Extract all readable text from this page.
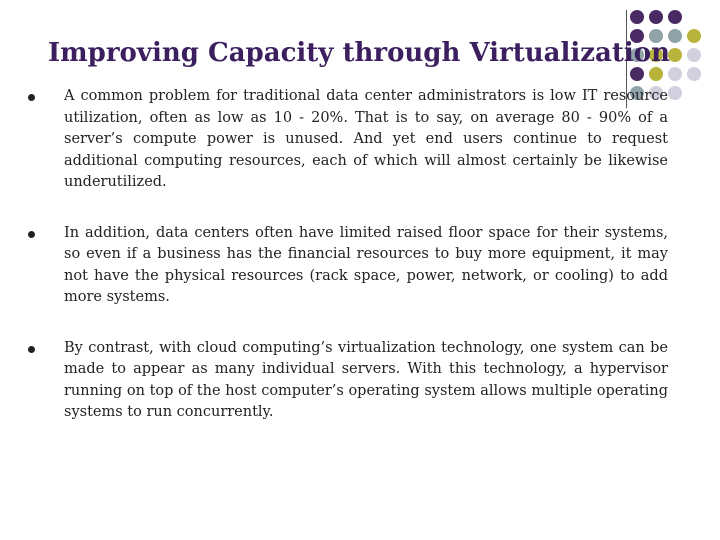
Improving Capacity through Virtualization
A common problem for traditional data center administrators is low IT resource utilization, often as low as 10 - 20%. That is to say, on average 80 - 90% of a server’s compute power is unused. And yet end users continue to request additional computing resources, each of which will almost certainly be likewise underutilized.
In addition, data centers often have limited raised floor space for their systems, so even if a business has the financial resources to buy more equipment, it may not have the physical resources (rack space, power, network, or cooling) to add more systems.
By contrast, with cloud computing’s virtualization technology, one system can be made to appear as many individual servers. With this technology, a hypervisor running on top of the host computer’s operating system allows multiple operating systems to run concurrently.
